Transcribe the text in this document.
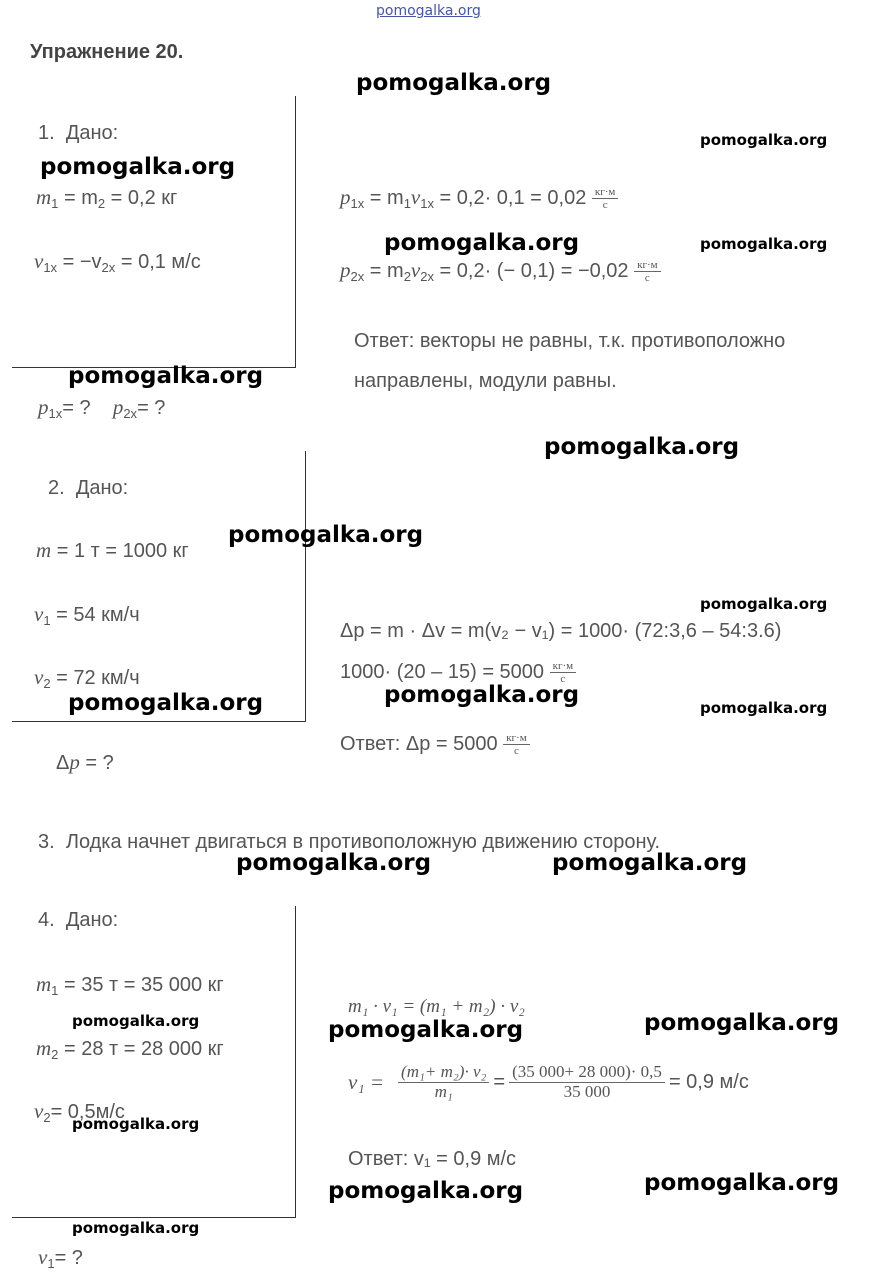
pomogalka.org
Упражнение 20.
1. Дано:
$m_1 = m_2 = 0,2$ кг
$v_{1x} = -v_{2x} = 0,1$ м/с
$p_{1x}=$ ? $p_{2x}=$ ?
$p_{1x} = m_1v_{1x} = 0,2\cdot 0,1 = 0,02 \frac{кг\cdot м}{с}$
$p_{2x} = m_2v_{2x} = 0,2\cdot$ (− $0,1) = -0,02 \frac{кг\cdot м}{с}$
Ответ: векторы не равны, т.к. противоположно
направлены, модули равны.
2. Дано:
m = 1 т = 1000 кг
$v_1 = 54$ км/ч
$v_2 = 72$ км/ч
Δp = ?
Δp = m · Δv = m(v₂ − v₁) = 1000· (72:3,6 – 54:3.6)
$1000\cdot (20 - 15) = 5000 \frac{кг\cdot м}{с}$
Ответ: $\Delta p = 5000 \frac{кг\cdot м}{с}$
3. Лодка начнет двигаться в противоположную движению сторону.
4. Дано:
$m_1 = 35$ т = 35 000 кг
$m_2 = 28$ т = 28 000 кг
$v_2= 0,5м/с$
$v_1=$ ?
m₁ · v₁ = (m₁ + m₂) · v₂
$v_1 = \frac{\text{(m₁+ m₂)· v₂}}{\text{m₁}} = \frac{(35 000+ 28 000)\cdot 0,5}{35 000} = 0,9$ м/с
Ответ: v₁ = 0,9 м/с
pomogalka.org
pomogalka.org
pomogalka.org
pomogalka.org	pomogalka.org
pomogalka.org
pomogalka.org
pomogalka.org
pomogalka.org
pomogalka.org
pomogalka.org	pomogalka.org
pomogalka.org	pomogalka.org
pomogalka.org
pomogalka.org	pomogalka.org
pomogalka.org
pomogalka.org
pomogalka.org
pomogalka.org
